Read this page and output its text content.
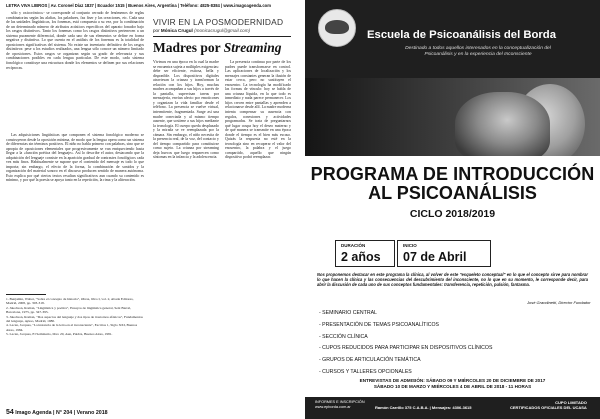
LETRA VIVA LIBROS | Av. Coronel Díaz 1837 | Ecuador 1515 | Buenos Aires, Argentina | Teléfono: 4825-8384 | www.imagoagenda.com

sólo y oxicorónico»- se corresponde al conjunto cerrado de fenómenos de reglas combinatorias según las alafias, los paladares, fax fiser y las creaciones, etc. Cada una de las unidades lingüísticas, los fonemas, está compuesta a su vez, por la combinación de un determinado número de atributos acústicos específicos del aparato fonador bajo los rasgos distintivos. Tanto los fonemas como los rasgos distintivos pertenecen a un sistema puramente diferencial, donde cada uno de sus elementos se define en forma negativa y distintiva. Lo que cuenta en el análisis de los fonemas es la totalidad de oposiciones significativas del sistema. No existe un inventario definitivo de los rasgos distintivos: pese a los estudios realizados, una lengua sólo conoce un número limitado de oposiciones. Estos rasgos se organizan según su grado de relevancia y sus combinaciones posibles en cada lengua particular. De este modo, cada sistema fonológico constituye una estructura donde los elementos se definen por sus relaciones recíprocas.

Las adquisiciones lingüísticas que componen el sistema fonológico moderno se construyeron desde la oposición mínima, de modo que la lengua opera como un sistema de diferencias sin términos positivos. El niño no habla primero con palabras, sino que se apropia de oposiciones elementales que progresivamente se van enriqueciendo hasta llegar a la «función poética del lenguaje». Así lo describe el autor, destacando que la adquisición del lenguaje consiste en la aparición gradual de contrastes fonológicos cada vez más finos. Habitualmente se supone que el contenido del mensaje es todo lo que importa; sin embargo, el efecto de la forma, la combinación de sonidos y la organización del material sonoro en el discurso producen sentido de manera autónoma. Esto explica por qué ciertos textos resultan significativos aun cuando su contenido es mínimo, y por qué la poesía se apoya tanto en la repetición, la rima y la aliteración.

1. Benjamin, Walter, "Sobre el concepto de historia", Obras, libro I, vol. 2, Abada Editores, Madrid, 2008, pp. 303-318.
2. Jakobson, Roman, "Lingüística y poética", Ensayos de lingüística general, Seix Barral, Barcelona, 1975, pp. 347-395.
3. Jakobson, Roman, "Dos aspectos del lenguaje y dos tipos de trastornos afásicos", Fundamentos del lenguaje, Ayuso, Madrid, 1980.
4. Lacan, Jacques, "La instancia de la letra en el inconsciente", Escritos 1, Siglo XXI, Buenos Aires, 1984.
5. Lacan, Jacques, El Seminario, libro 20, Aun, Paidós, Buenos Aires, 1981.
VIVIR EN LA POSMODERNIDAD
por Mónica Crugul (monicacrugul@gmail.com)
Madres por Streaming

Vivimos en una época en la cual la madre se encuentra sujeta a múltiples exigencias: debe ser eficiente, exitosa, bella y disponible. Los dispositivos digitales atraviesan la crianza y transforman la relación con los hijos. Hoy, muchas madres acompañan a sus hijos a través de la pantalla, supervisan tareas por mensajería, envían afecto por emoticones y organizan la vida familiar desde el teléfono. La presencia se vuelve virtual, intermitente, fragmentada. Surge así una madre conectada y al mismo tiempo ausente, que sostiene a sus hijos mediante la tecnología. El cuerpo queda desplazado y la mirada se ve reemplazada por la cámara. Sin embargo, el niño necesita de la presencia real, de la voz, del contacto y del tiempo compartido para constituirse como sujeto. La crianza por streaming deja huecos que luego reaparecen como síntomas en la infancia y la adolescencia.

La presencia continua por parte de los padres puede transformarse en control. Las aplicaciones de localización y los mensajes constantes generan la ilusión de estar cerca, pero no sustituyen el encuentro. La tecnología ha modificado las formas de vínculo: hoy se habla de una crianza líquida, en la que todo es inmediato y nada parece permanecer. Los hijos crecen entre pantallas y aprenden a relacionarse desde allí. La madre moderna intenta compensar su ausencia con regalos, conexiones y actividades programadas. Se trata de preguntarnos qué lugar ocupa hoy el deseo materno y de qué manera se transmite en una época donde el tiempo es el bien más escaso. Quizás la respuesta no esté en la tecnología sino en recuperar el valor del encuentro, la palabra y el juego compartido, aquello que ningún dispositivo podrá reemplazar.

54 Imago Agenda | N° 204 | Verano 2018
Escuela de Psicoanálisis del Borda
Destinado a todos aquellos interesados en la conceptualización del Psicoanálisis y en la experiencia del Inconsciente
PROGRAMA DE INTRODUCCIÓN
AL PSICOANÁLISIS
CICLO 2018/2019
DURACIÓN
2 años
INICIO
07 de Abril
Nos proponemos destacar en este programa la clínica, al volver de este "esqueleto conceptual" en lo que el concepto sirve para nombrar lo que hacen la clínica y las consecuencias del descubrimiento del inconsciente, no lo que en su momento, le corresponde decir, para abrir la discusión de cada uno de sus conceptos fundamentales: transferencia, repetición, pulsión, fantasma.
José Grandinetti, Director Fundador
- SEMINARIO CENTRAL
- PRESENTACIÓN DE TEMAS PSICOANALÍTICOS
- SECCIÓN CLÍNICA
- CUPOS REDUCIDOS PARA PARTICIPAR EN DISPOSITIVOS CLÍNICOS
- GRUPOS DE ARTICULACIÓN TEMÁTICA
- CURSOS Y TALLERES OPCIONALES
ENTREVISTAS DE ADMISIÓN: SÁBADO 09 Y MIÉRCOLES 20 DE DICIEMBRE DE 2017
SÁBADO 10 DE MARZO Y MIÉRCOLES 4 DE ABRIL DE 2018 - 11 HORAS
INFORMES E INSCRIPCIÓN
www.epborda.com.ar	Ramón Carrillo 375 C.A.B.A. | Mensajes: 4306-3615
CUPO LIMITADO
CERTIFICADOS OFICIALES DEL UCASA
